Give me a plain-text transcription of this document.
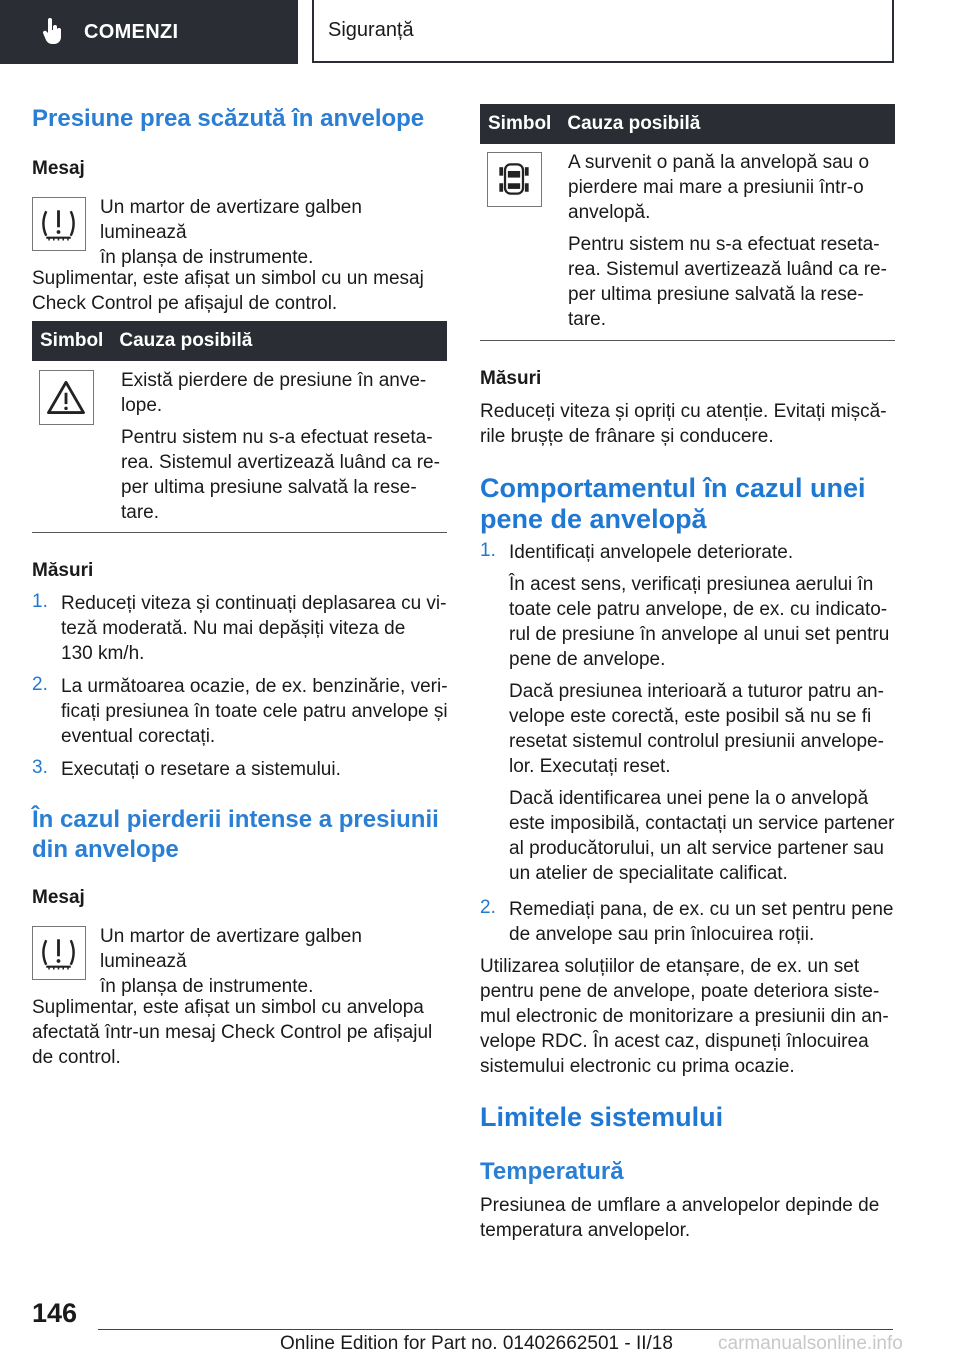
COMENZI	Siguranță
Presiune prea scăzută în anvelope
Mesaj
Un martor de avertizare galben luminează
în planșa de instrumente.
Suplimentar, este afișat un simbol cu un mesaj
Check Control pe afișajul de control.
Simbol Cauza posibilă
Există pierdere de presiune în anve-
lope.
Pentru sistem nu s-a efectuat reseta-
rea. Sistemul avertizează luând ca re-
per ultima presiune salvată la rese-
tare.
Măsuri
1. Reduceți viteza și continuați deplasarea cu vi-
teză moderată. Nu mai depășiți viteza de
130 km/h.
2. La următoarea ocazie, de ex. benzinărie, veri-
ficați presiunea în toate cele patru anvelope și
eventual corectați.
3. Executați o resetare a sistemului.
În cazul pierderii intense a presiunii
din anvelope
Mesaj
Un martor de avertizare galben luminează
în planșa de instrumente.
Suplimentar, este afișat un simbol cu anvelopa
afectată într-un mesaj Check Control pe afișajul
de control.
Simbol Cauza posibilă
A survenit o pană la anvelopă sau o
pierdere mai mare a presiunii într-o
anvelopă.
Pentru sistem nu s-a efectuat reseta-
rea. Sistemul avertizează luând ca re-
per ultima presiune salvată la rese-
tare.
Măsuri
Reduceți viteza și opriți cu atenție. Evitați mișcă-
rile brușțe de frânare și conducere.
Comportamentul în cazul unei
pene de anvelopă
1. Identificați anvelopele deteriorate.
În acest sens, verificați presiunea aerului în
toate cele patru anvelope, de ex. cu indicato-
rul de presiune în anvelope al unui set pentru
pene de anvelope.
Dacă presiunea interioară a tuturor patru an-
velope este corectă, este posibil să nu se fi
resetat sistemul controlul presiunii anvelope-
lor. Executați reset.
Dacă identificarea unei pene la o anvelopă
este imposibilă, contactați un service partener
al producătorului, un alt service partener sau
un atelier de specialitate calificat.
2. Remediați pana, de ex. cu un set pentru pene
de anvelope sau prin înlocuirea roții.
Utilizarea soluțiilor de etanșare, de ex. un set
pentru pene de anvelope, poate deteriora siste-
mul electronic de monitorizare a presiunii din an-
velope RDC. În acest caz, dispuneți înlocuirea
sistemului electronic cu prima ocazie.
Limitele sistemului
Temperatură
Presiunea de umflare a anvelopelor depinde de
temperatura anvelopelor.
146
Online Edition for Part no. 01402662501 - II/18 carmanualsonline.info
